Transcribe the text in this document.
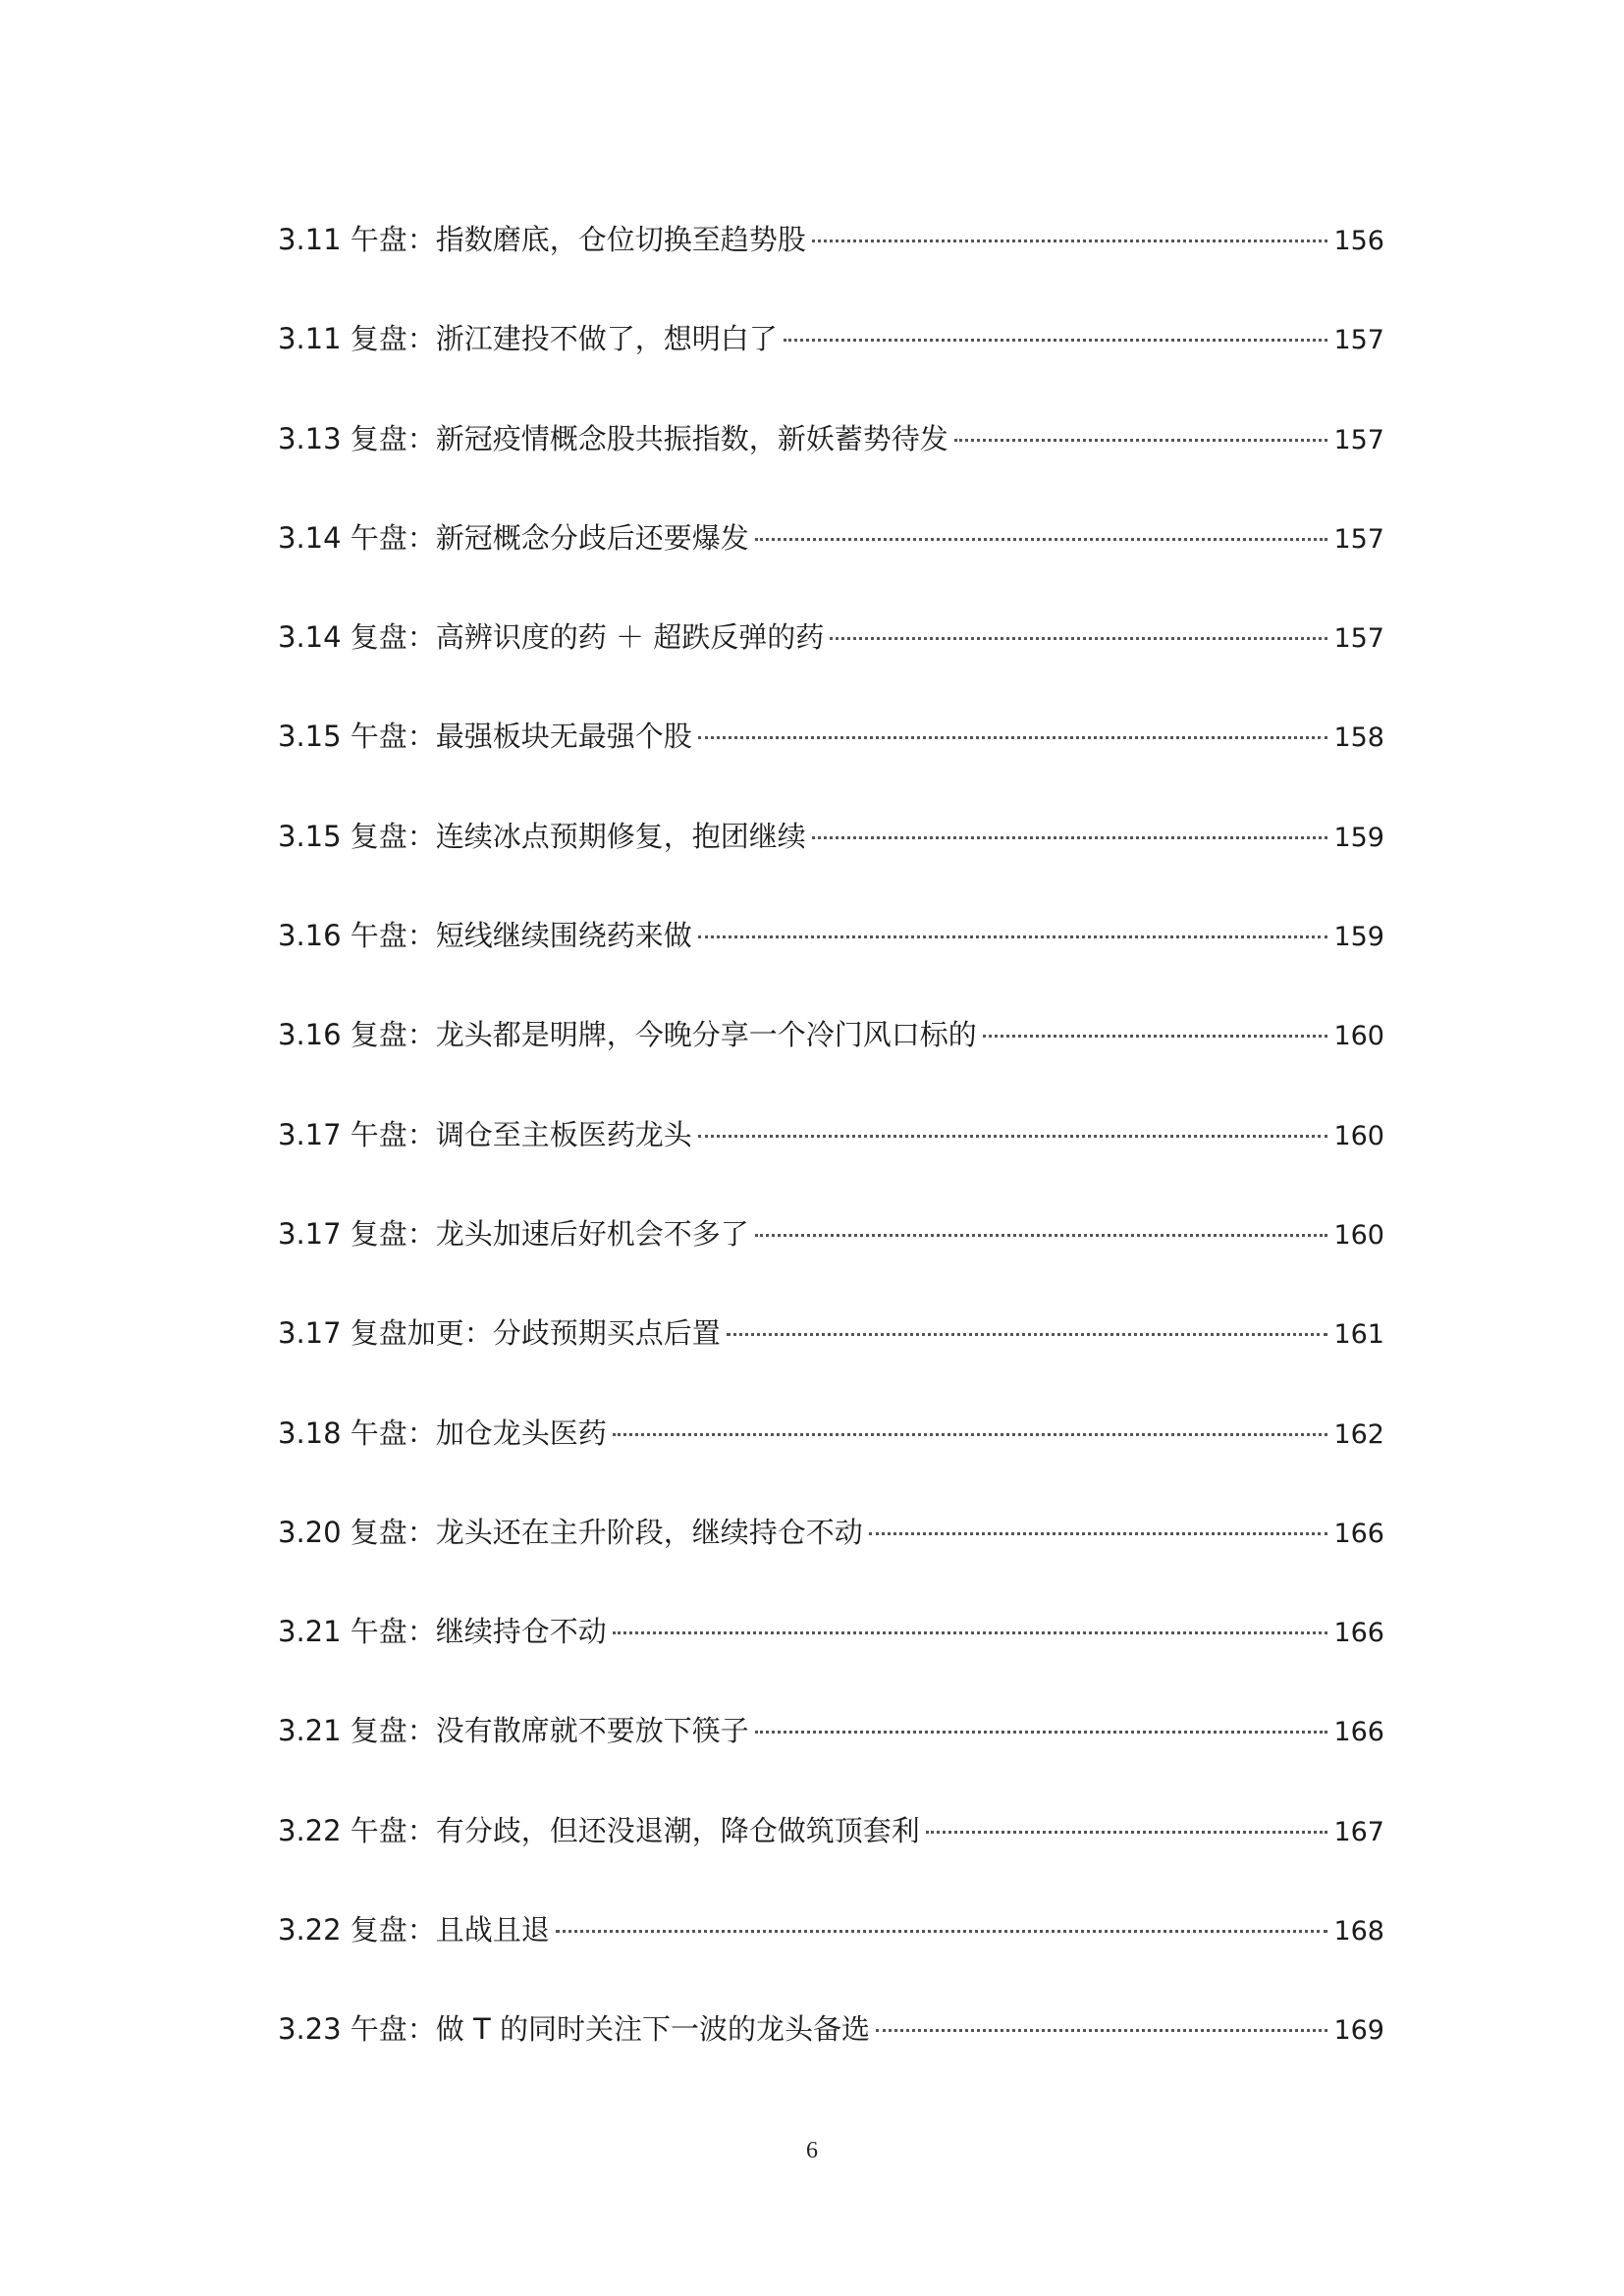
3.11 午盘：指数磨底，仓位切换至趋势股	156
3.11 复盘：浙江建投不做了，想明白了	157
3.13 复盘：新冠疫情概念股共振指数，新妖蓄势待发	157
3.14 午盘：新冠概念分歧后还要爆发	157
3.14 复盘：高辨识度的药 ＋ 超跌反弹的药	157
3.15 午盘：最强板块无最强个股	158
3.15 复盘：连续冰点预期修复，抱团继续	159
3.16 午盘：短线继续围绕药来做	159
3.16 复盘：龙头都是明牌，今晚分享一个冷门风口标的	160
3.17 午盘：调仓至主板医药龙头	160
3.17 复盘：龙头加速后好机会不多了	160
3.17 复盘加更：分歧预期买点后置	161
3.18 午盘：加仓龙头医药	162
3.20 复盘：龙头还在主升阶段，继续持仓不动	166
3.21 午盘：继续持仓不动	166
3.21 复盘：没有散席就不要放下筷子	166
3.22 午盘：有分歧，但还没退潮，降仓做筑顶套利	167
3.22 复盘：且战且退	168
3.23 午盘：做 T 的同时关注下一波的龙头备选	169
6
